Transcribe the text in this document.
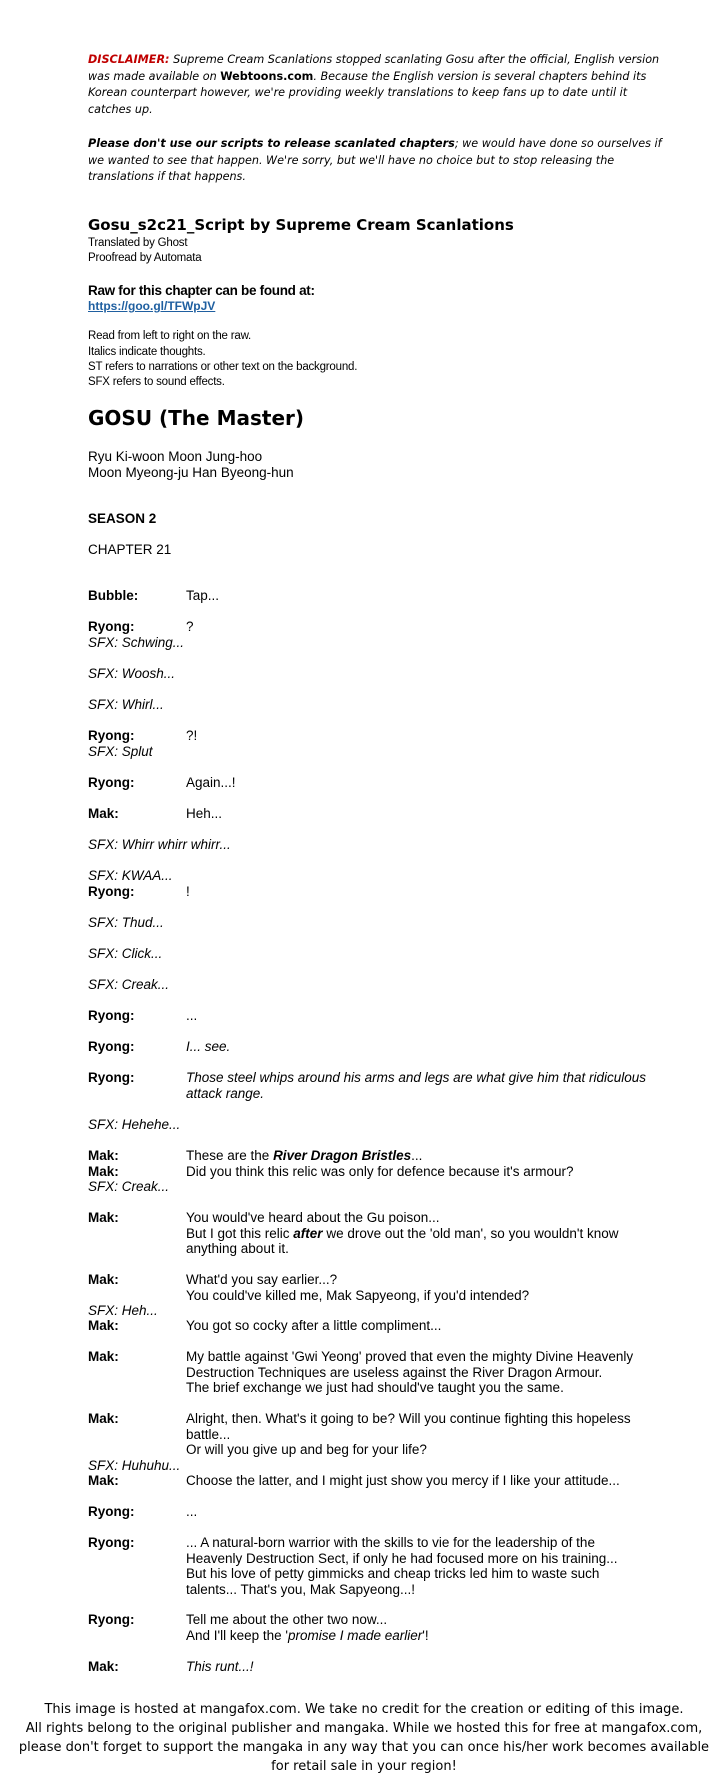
DISCLAIMER: Supreme Cream Scanlations stopped scanlating Gosu after the official, English version was made available on Webtoons.com. Because the English version is several chapters behind its Korean counterpart however, we're providing weekly translations to keep fans up to date until it catches up.
Please don't use our scripts to release scanlated chapters; we would have done so ourselves if we wanted to see that happen. We're sorry, but we'll have no choice but to stop releasing the translations if that happens.
Gosu_s2c21_Script by Supreme Cream Scanlations
Translated by Ghost
Proofread by Automata
Raw for this chapter can be found at:
https://goo.gl/TFWpJV
Read from left to right on the raw.
Italics indicate thoughts.
ST refers to narrations or other text on the background.
SFX refers to sound effects.
GOSU (The Master)
Ryu Ki-woon Moon Jung-hoo
Moon Myeong-ju Han Byeong-hun
SEASON 2
CHAPTER 21
Bubble:	Tap...
Ryong:	?
SFX: Schwing...
SFX: Woosh...
SFX: Whirl...
Ryong:	?!
SFX: Splut
Ryong:	Again...!
Mak:	Heh...
SFX: Whirr whirr whirr...
SFX: KWAA...
Ryong:	!
SFX: Thud...
SFX: Click...
SFX: Creak...
Ryong:	...
Ryong:	I... see.
Ryong:	Those steel whips around his arms and legs are what give him that ridiculous attack range.
SFX: Hehehe...
Mak:	These are the River Dragon Bristles...
Mak:	Did you think this relic was only for defence because it's armour?
SFX: Creak...
Mak:	You would've heard about the Gu poison...
But I got this relic after we drove out the 'old man', so you wouldn't know anything about it.
Mak:	What'd you say earlier...?
You could've killed me, Mak Sapyeong, if you'd intended?
SFX: Heh...
Mak:	You got so cocky after a little compliment...
Mak:	My battle against 'Gwi Yeong' proved that even the mighty Divine Heavenly Destruction Techniques are useless against the River Dragon Armour.
The brief exchange we just had should've taught you the same.
Mak:	Alright, then. What's it going to be? Will you continue fighting this hopeless battle...
Or will you give up and beg for your life?
SFX: Huhuhu...
Mak:	Choose the latter, and I might just show you mercy if I like your attitude...
Ryong:	...
Ryong:	... A natural-born warrior with the skills to vie for the leadership of the Heavenly Destruction Sect, if only he had focused more on his training...
But his love of petty gimmicks and cheap tricks led him to waste such talents... That's you, Mak Sapyeong...!
Ryong:	Tell me about the other two now...
And I'll keep the 'promise I made earlier'!
Mak:	This runt...!
This image is hosted at mangafox.com. We take no credit for the creation or editing of this image.
All rights belong to the original publisher and mangaka. While we hosted this for free at mangafox.com,
please don't forget to support the mangaka in any way that you can once his/her work becomes available
for retail sale in your region!
